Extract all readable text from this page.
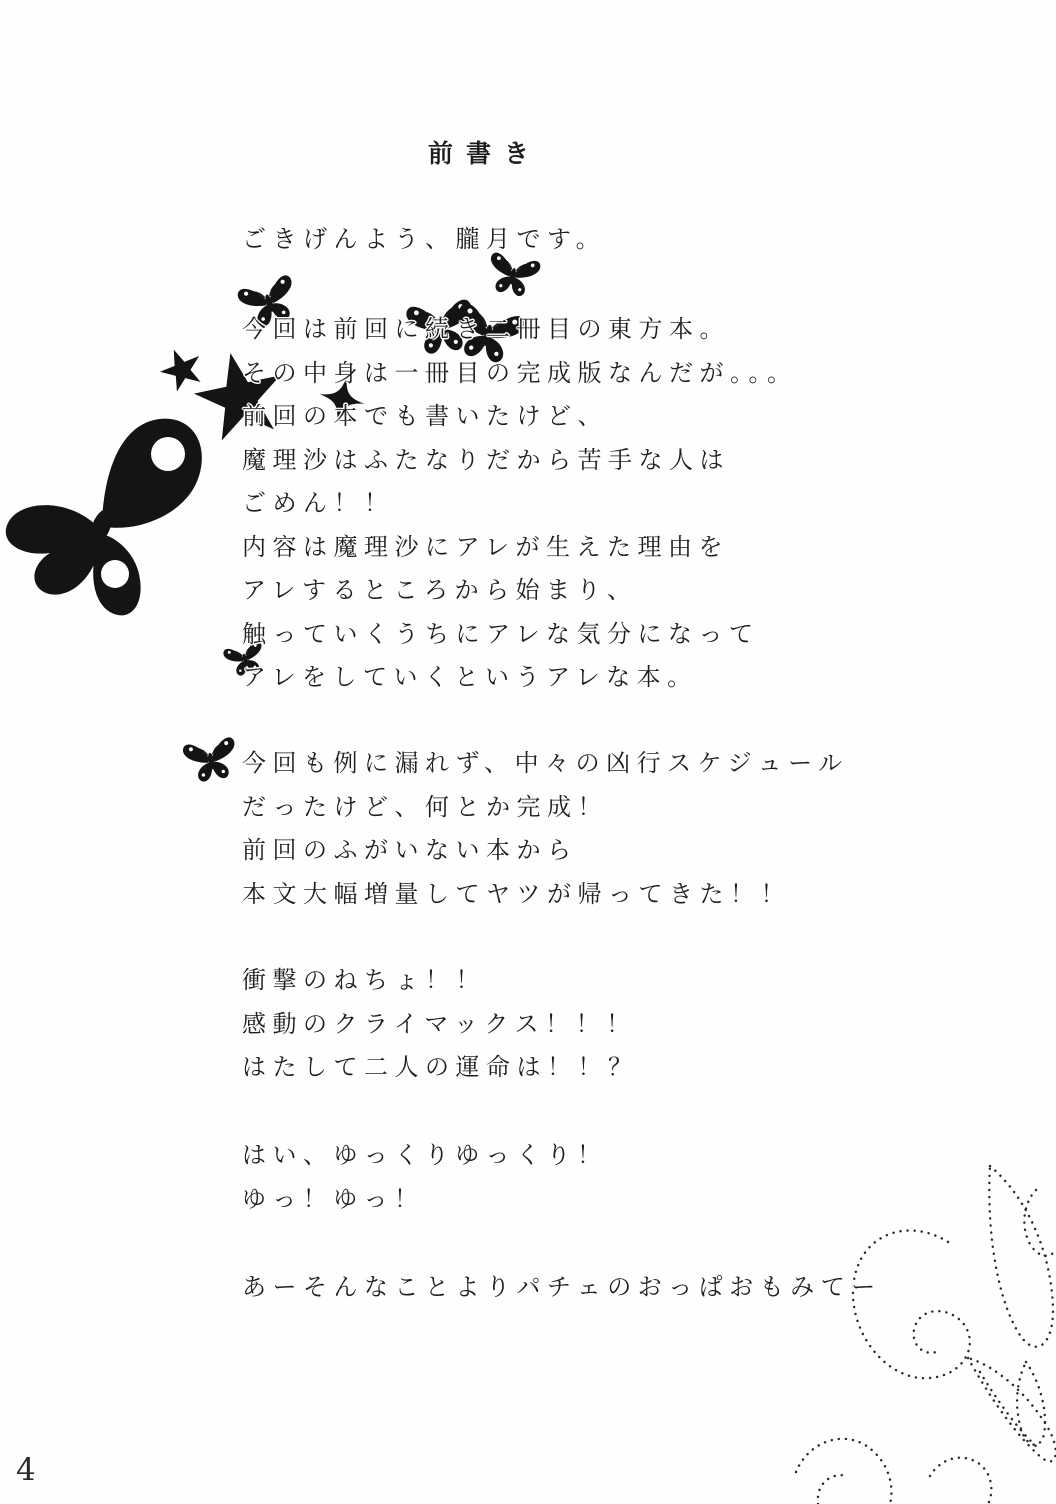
前書き
ごきげんよう、朧月です。
今回は前回に続き二冊目の東方本。
その中身は一冊目の完成版なんだが。。。
前回の本でも書いたけど、
魔理沙はふたなりだから苦手な人は
ごめん！！
内容は魔理沙にアレが生えた理由を
アレするところから始まり、
触っていくうちにアレな気分になって
アレをしていくというアレな本。
今回も例に漏れず、中々の凶行スケジュール
だったけど、何とか完成！
前回のふがいない本から
本文大幅増量してヤツが帰ってきた！！
衝撃のねちょ！！
感動のクライマックス！！！
はたして二人の運命は！！？
はい、ゆっくりゆっくり！
ゆっ！ゆっ！
あーそんなことよりパチェのおっぱおもみてー
4
